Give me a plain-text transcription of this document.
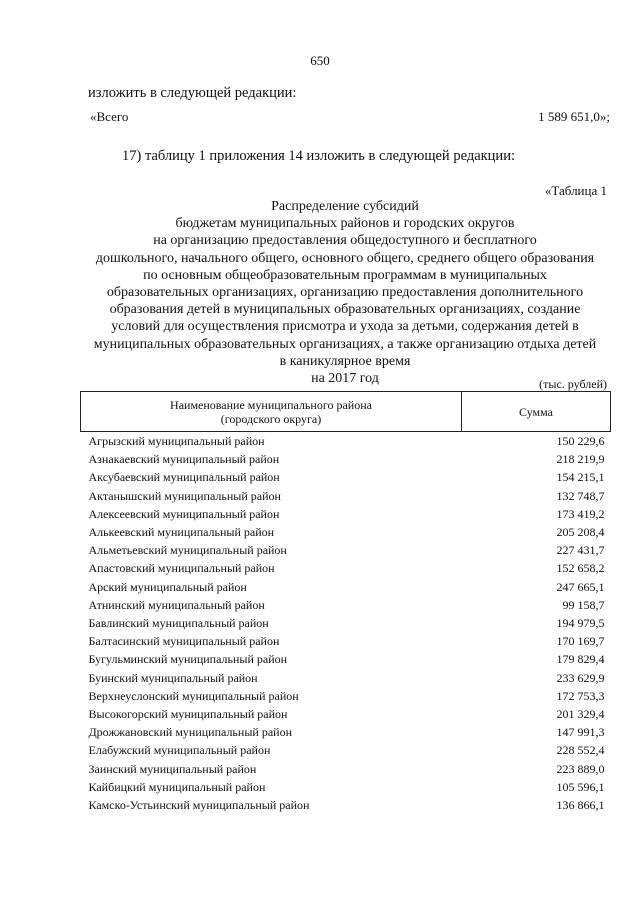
650
изложить в следующей редакции:
«Всего	1 589 651,0»;
17) таблицу 1 приложения 14 изложить в следующей редакции:
«Таблица 1
Распределение субсидий
бюджетам муниципальных районов и городских округов
на организацию предоставления общедоступного и бесплатного
дошкольного, начального общего, основного общего, среднего общего образования
по основным общеобразовательным программам в муниципальных
образовательных организациях, организацию предоставления дополнительного
образования детей в муниципальных образовательных организациях, создание
условий для осуществления присмотра и ухода за детьми, содержания детей в
муниципальных образовательных организациях, а также организацию отдыха детей
в каникулярное время
на 2017 год	(тыс. рублей)
Наименование муниципального района
(городского округа)	Сумма
Агрызский муниципальный район	150 229,6
Азнакаевский муниципальный район	218 219,9
Аксубаевский муниципальный район	154 215,1
Актанышский муниципальный район	132 748,7
Алексеевский муниципальный район	173 419,2
Алькеевский муниципальный район	205 208,4
Альметьевский муниципальный район	227 431,7
Апастовский муниципальный район	152 658,2
Арский муниципальный район	247 665,1
Атнинский муниципальный район	99 158,7
Бавлинский муниципальный район	194 979,5
Балтасинский муниципальный район	170 169,7
Бугульминский муниципальный район	179 829,4
Буинский муниципальный район	233 629,9
Верхнеуслонский муниципальный район	172 753,3
Высокогорский муниципальный район	201 329,4
Дрожжановский муниципальный район	147 991,3
Елабужский муниципальный район	228 552,4
Заинский муниципальный район	223 889,0
Кайбицкий муниципальный район	105 596,1
Камско-Устьинский муниципальный район	136 866,1
